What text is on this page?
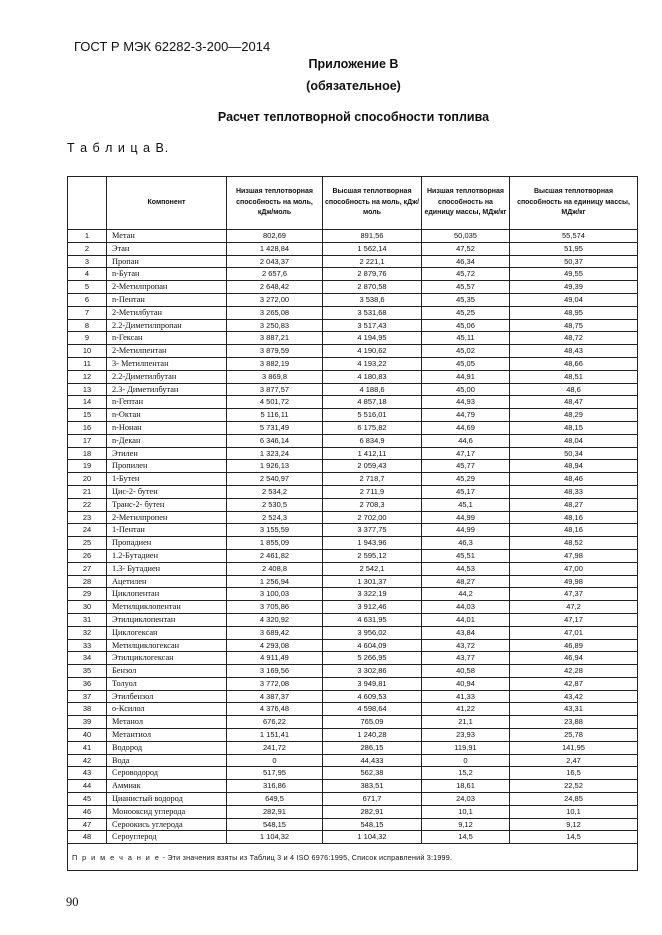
ГОСТ Р МЭК 62282-3-200—2014
Приложение В
(обязательное)
Расчет теплотворной способности топлива
Т а б л и ц а В.
	Компонент	Низшая теплотворная способность на моль, кДж/моль	Высшая теплотворная способность на моль, кДж/моль	Низшая теплотворная способность на единицу массы, МДж/кг	Высшая теплотворная способность на единицу массы, МДж/кг
1	Метан	802,69	891,56	50,035	55,574
2	Этан	1 428,84	1 562,14	47,52	51,95
3	Пропан	2 043,37	2 221,1	46,34	50,37
4	n-Бутан	2 657,6	2 879,76	45,72	49,55
5	2-Метилпропан	2 648,42	2 870,58	45,57	49,39
6	n-Пентан	3 272,00	3 538,6	45,35	49,04
7	2-Метилбутан	3 265,08	3 531,68	45,25	48,95
8	2.2-Диметилпропан	3 250,83	3 517,43	45,06	48,75
9	n-Гексан	3 887,21	4 194,95	45,11	48,72
10	2-Метилпентан	3 879,59	4 190,62	45,02	48,43
11	3- Метилпентан	3 882,19	4 193,22	45,05	48,66
12	2.2-Диметилбутан	3 869,8	4 180,83	44,91	48,51
13	2.3- Диметилбутан	3 877,57	4 188,6	45,00	48,6
14	n-Гептан	4 501,72	4 857,18	44,93	48,47
15	n-Октан	5 116,11	5 516,01	44,79	48,29
16	n-Нонан	5 731,49	6 175,82	44,69	48,15
17	n-Декан	6 346,14	6 834,9	44,6	48,04
18	Этилен	1 323,24	1 412,11	47,17	50,34
19	Пропилен	1 926,13	2 059,43	45,77	48,94
20	1-Бутен	2 540,97	2 718,7	45,29	48,46
21	Цис-2- бутен	2 534,2	2 711,9	45,17	48,33
22	Транс-2- бутен	2 530,5	2 708,3	45,1	48,27
23	2-Метилпропен	2 524,3	2 702,00	44,99	48,16
24	1-Пентан	3 155,59	3 377,75	44,99	48,16
25	Пропадиен	1 855,09	1 943,96	46,3	48,52
26	1.2-Бутадиен	2 461,82	2 595,12	45,51	47,98
27	1.3- Бутадиен	2 408,8	2 542,1	44,53	47,00
28	Ацетилен	1 256,94	1 301,37	48,27	49,98
29	Циклопентан	3 100,03	3 322,19	44,2	47,37
30	Метилциклопентан	3 705,86	3 912,46	44,03	47,2
31	Этилциклопентан	4 320,92	4 631,95	44,01	47,17
32	Циклогексан	3 689,42	3 956,02	43,84	47,01
33	Метилциклогексан	4 293,08	4 604,09	43,72	46,89
34	Этилциклогексан	4 911,49	5 266,95	43,77	46,94
35	Бензол	3 169,56	3 302,86	40,58	42,28
36	Толуол	3 772,08	3 949,81	40,94	42,87
37	Этилбензол	4 387,37	4 609,53	41,33	43,42
38	о-Ксилол	4 376,48	4 598,64	41,22	43,31
39	Метанол	676,22	765,09	21,1	23,88
40	Метантиол	1 151,41	1 240,28	23,93	25,78
41	Водород	241,72	286,15	119,91	141,95
42	Вода	0	44,433	0	2,47
43	Сероводород	517,95	562,38	15,2	16,5
44	Аммиак	316,86	383,51	18,61	22,52
45	Цианистый водород	649,5	671,7	24,03	24,85
46	Монооксид углерода	282,91	282,91	10,1	10,1
47	Сероокись углерода	548,15	548,15	9,12	9,12
48	Сероуглерод	1 104,32	1 104,32	14,5	14,5
П р и м е ч а н и е - Эти значения взяты из Таблиц 3 и 4 ISO 6976:1995, Список исправлений 3:1999.					
90
